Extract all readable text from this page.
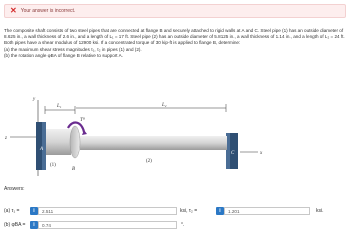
✕ Your answer is incorrect.

The composite shaft consists of two steel pipes that are connected at flange B and securely attached to rigid walls at A and C. Steel pipe (1) has an outside diameter of 8.625 in., a wall thickness of 2.6 in., and a length of L₁ = 17 ft. Steel pipe (2) has an outside diameter of 5.8125 in., a wall thickness of 1.14 in., and a length of L₂ = 24 ft. Both pipes have a shear modulus of 12900 ksi. If a concentrated torque of 30 kip-ft is applied to flange B, determine:

(a) the maximum shear stress magnitudes τ₁, τ₂ in pipes (1) and (2).

(b) the rotation angle φBA of flange B relative to support A.

y
z
x
A
C
Tᴮ
L₁	L₂
(1)
B
(2)
Answers:
(a) τ₁ =	i	2.511	ksi, τ₂ =	i	1.201	ksi.
(b) φBA =	i	0.74	°.
